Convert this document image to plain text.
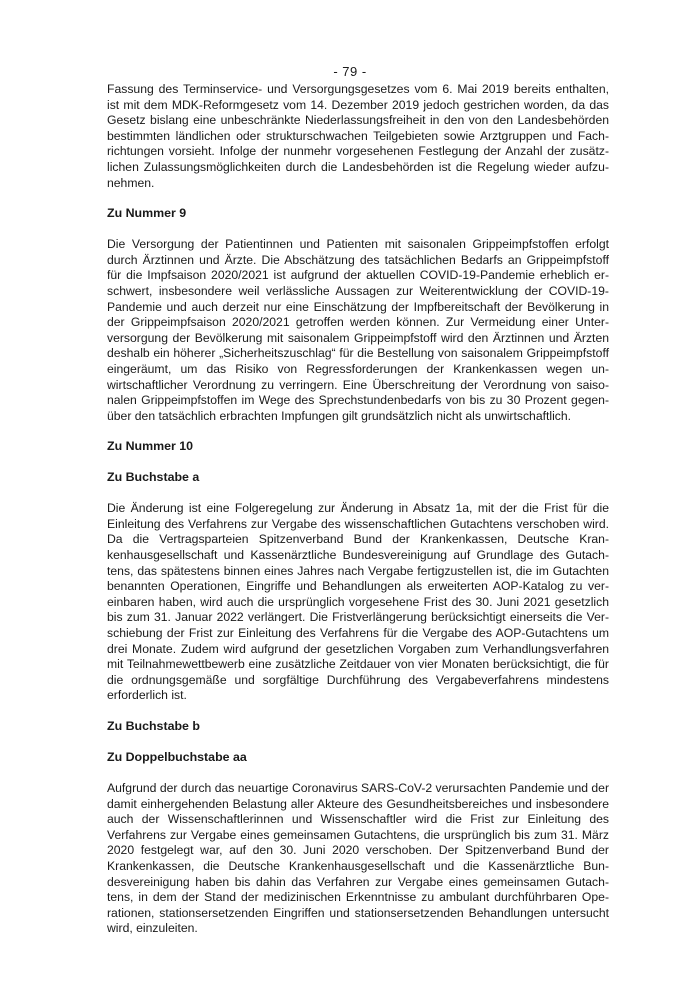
- 79 -

Fassung des Terminservice- und Versorgungsgesetzes vom 6. Mai 2019 bereits enthalten, ist mit dem MDK-Reformgesetz vom 14. Dezember 2019 jedoch gestrichen worden, da das Gesetz bislang eine unbeschränkte Niederlassungsfreiheit in den von den Landesbehörden bestimmten ländlichen oder strukturschwachen Teilgebieten sowie Arztgruppen und Fachrichtungen vorsieht. Infolge der nunmehr vorgesehenen Festlegung der Anzahl der zusätzlichen Zulassungsmöglichkeiten durch die Landesbehörden ist die Regelung wieder aufzunehmen.

Zu Nummer 9

Die Versorgung der Patientinnen und Patienten mit saisonalen Grippeimpfstoffen erfolgt durch Ärztinnen und Ärzte. Die Abschätzung des tatsächlichen Bedarfs an Grippeimpfstoff für die Impfsaison 2020/2021 ist aufgrund der aktuellen COVID-19-Pandemie erheblich erschwert, insbesondere weil verlässliche Aussagen zur Weiterentwicklung der COVID-19-Pandemie und auch derzeit nur eine Einschätzung der Impfbereitschaft der Bevölkerung in der Grippeimpfsaison 2020/2021 getroffen werden können. Zur Vermeidung einer Unterversorgung der Bevölkerung mit saisonalem Grippeimpfstoff wird den Ärztinnen und Ärzten deshalb ein höherer „Sicherheitszuschlag“ für die Bestellung von saisonalem Grippeimpfstoff eingeräumt, um das Risiko von Regressforderungen der Krankenkassen wegen unwirtschaftlicher Verordnung zu verringern. Eine Überschreitung der Verordnung von saisonalen Grippeimpfstoffen im Wege des Sprechstundenbedarfs von bis zu 30 Prozent gegenüber den tatsächlich erbrachten Impfungen gilt grundsätzlich nicht als unwirtschaftlich.

Zu Nummer 10
Zu Buchstabe a

Die Änderung ist eine Folgeregelung zur Änderung in Absatz 1a, mit der die Frist für die Einleitung des Verfahrens zur Vergabe des wissenschaftlichen Gutachtens verschoben wird. Da die Vertragsparteien Spitzenverband Bund der Krankenkassen, Deutsche Krankenhausgesellschaft und Kassenärztliche Bundesvereinigung auf Grundlage des Gutachtens, das spätestens binnen eines Jahres nach Vergabe fertigzustellen ist, die im Gutachten benannten Operationen, Eingriffe und Behandlungen als erweiterten AOP-Katalog zu vereinbaren haben, wird auch die ursprünglich vorgesehene Frist des 30. Juni 2021 gesetzlich bis zum 31. Januar 2022 verlängert. Die Fristverlängerung berücksichtigt einerseits die Verschiebung der Frist zur Einleitung des Verfahrens für die Vergabe des AOP-Gutachtens um drei Monate. Zudem wird aufgrund der gesetzlichen Vorgaben zum Verhandlungsverfahren mit Teilnahmewettbewerb eine zusätzliche Zeitdauer von vier Monaten berücksichtigt, die für die ordnungsgemäße und sorgfältige Durchführung des Vergabeverfahrens mindestens erforderlich ist.

Zu Buchstabe b
Zu Doppelbuchstabe aa

Aufgrund der durch das neuartige Coronavirus SARS-CoV-2 verursachten Pandemie und der damit einhergehenden Belastung aller Akteure des Gesundheitsbereiches und insbesondere auch der Wissenschaftlerinnen und Wissenschaftler wird die Frist zur Einleitung des Verfahrens zur Vergabe eines gemeinsamen Gutachtens, die ursprünglich bis zum 31. März 2020 festgelegt war, auf den 30. Juni 2020 verschoben. Der Spitzenverband Bund der Krankenkassen, die Deutsche Krankenhausgesellschaft und die Kassenärztliche Bundesvereinigung haben bis dahin das Verfahren zur Vergabe eines gemeinsamen Gutachtens, in dem der Stand der medizinischen Erkenntnisse zu ambulant durchführbaren Operationen, stationsersetzenden Eingriffen und stationsersetzenden Behandlungen untersucht wird, einzuleiten.
